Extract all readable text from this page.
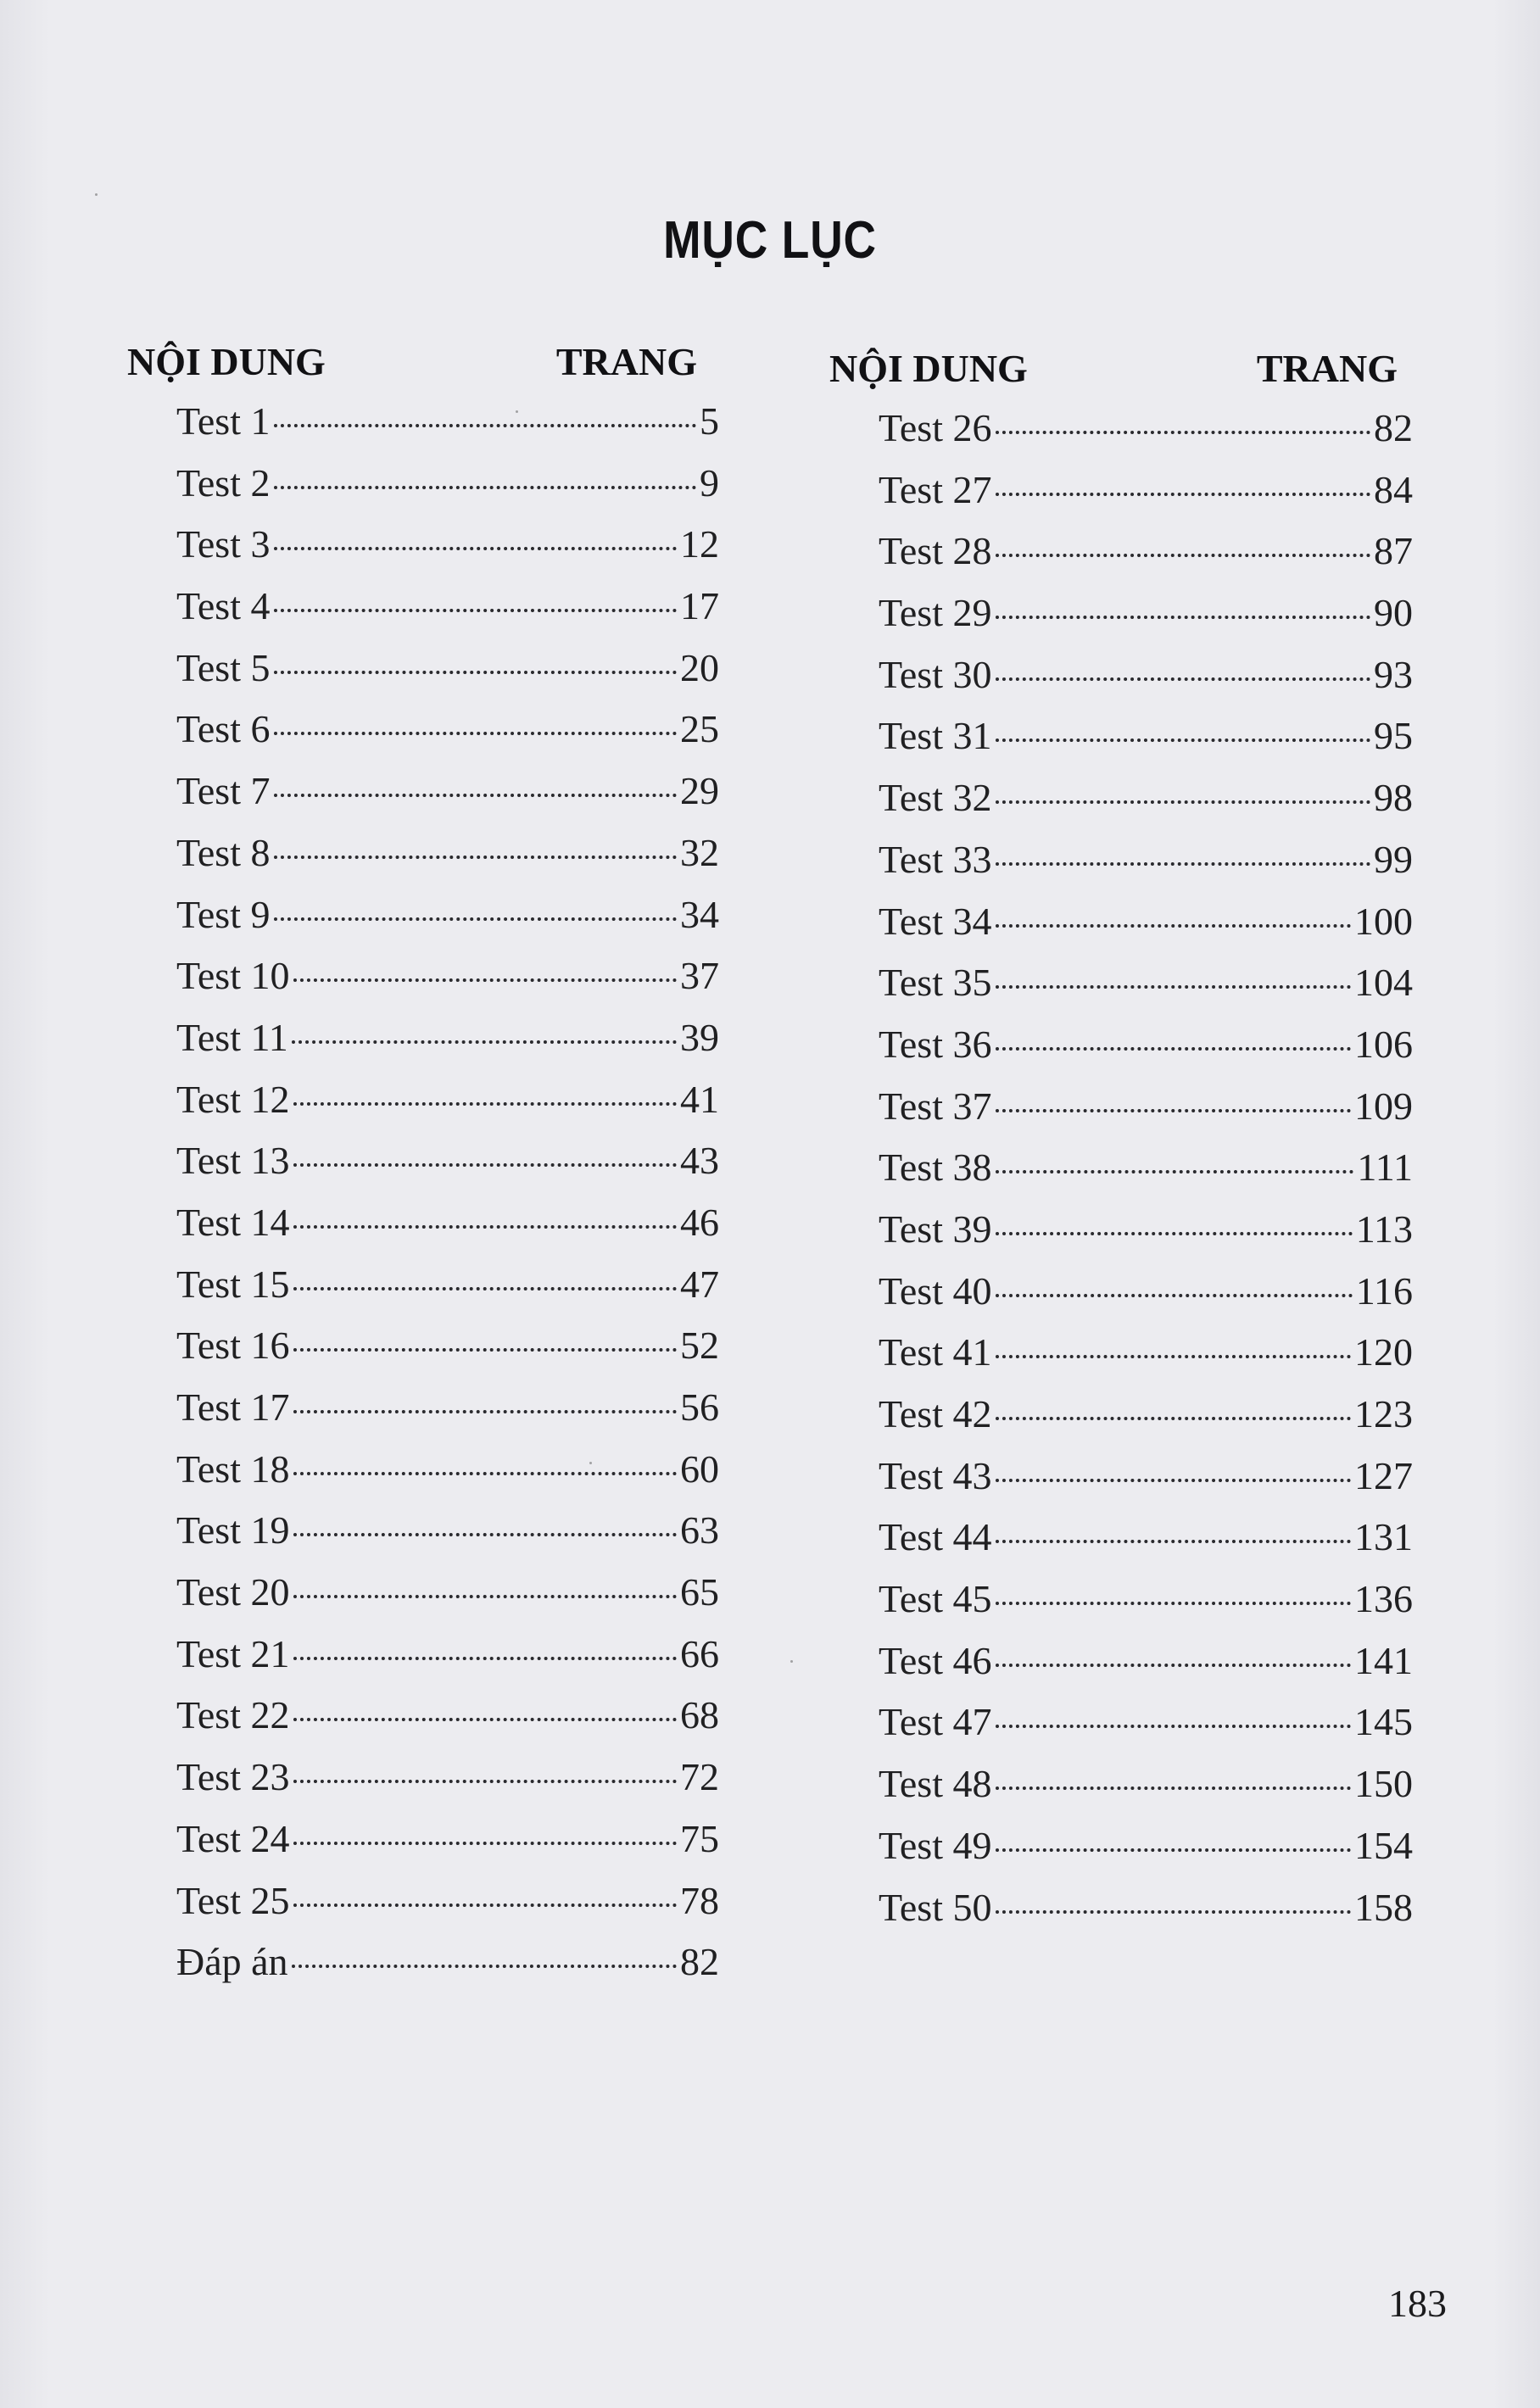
MỤC LỤC
NỘI DUNG	TRANG
Test 1	5
Test 2	9
Test 3	12
Test 4	17
Test 5	20
Test 6	25
Test 7	29
Test 8	32
Test 9	34
Test 10	37
Test 11	39
Test 12	41
Test 13	43
Test 14	46
Test 15	47
Test 16	52
Test 17	56
Test 18	60
Test 19	63
Test 20	65
Test 21	66
Test 22	68
Test 23	72
Test 24	75
Test 25	78
Đáp án	82
NỘI DUNG	TRANG
Test 26	82
Test 27	84
Test 28	87
Test 29	90
Test 30	93
Test 31	95
Test 32	98
Test 33	99
Test 34	100
Test 35	104
Test 36	106
Test 37	109
Test 38	111
Test 39	113
Test 40	116
Test 41	120
Test 42	123
Test 43	127
Test 44	131
Test 45	136
Test 46	141
Test 47	145
Test 48	150
Test 49	154
Test 50	158
183
